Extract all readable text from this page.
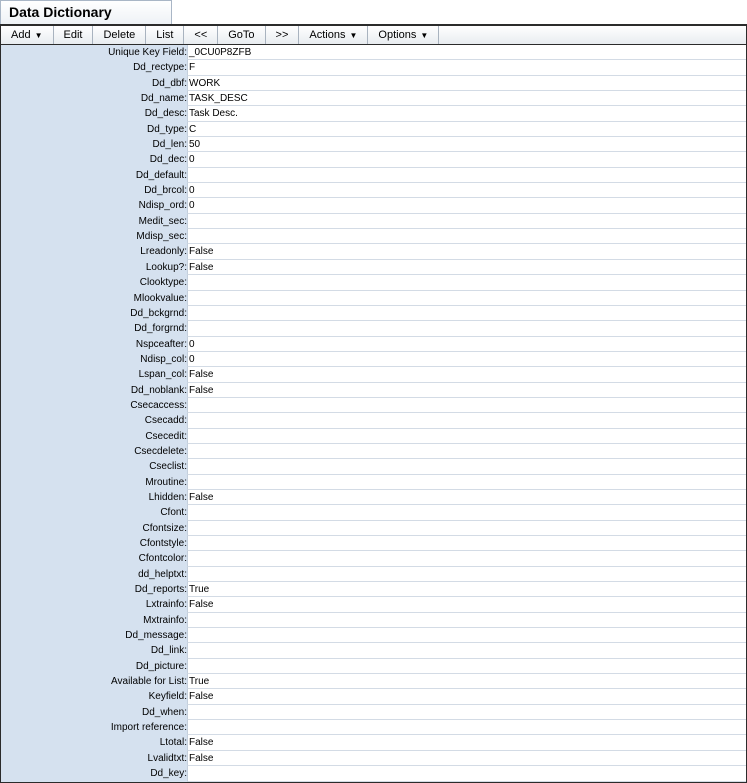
Data Dictionary
Add ▼ Edit Delete List << GoTo >> Actions ▼ Options ▼
Unique Key Field: _0CU0P8ZFB
Dd_rectype: F
Dd_dbf: WORK
Dd_name: TASK_DESC
Dd_desc: Task Desc.
Dd_type: C
Dd_len: 50
Dd_dec: 0
Dd_default:
Dd_brcol: 0
Ndisp_ord: 0
Medit_sec:
Mdisp_sec:
Lreadonly: False
Lookup?: False
Clooktype:
Mlookvalue:
Dd_bckgrnd:
Dd_forgrnd:
Nspceafter: 0
Ndisp_col: 0
Lspan_col: False
Dd_noblank: False
Csecaccess:
Csecadd:
Csecedit:
Csecdelete:
Cseclist:
Mroutine:
Lhidden: False
Cfont:
Cfontsize:
Cfontstyle:
Cfontcolor:
dd_helptxt:
Dd_reports: True
Lxtrainfo: False
Mxtrainfo:
Dd_message:
Dd_link:
Dd_picture:
Available for List: True
Keyfield: False
Dd_when:
Import reference:
Ltotal: False
Lvalidtxt: False
Dd_key:
